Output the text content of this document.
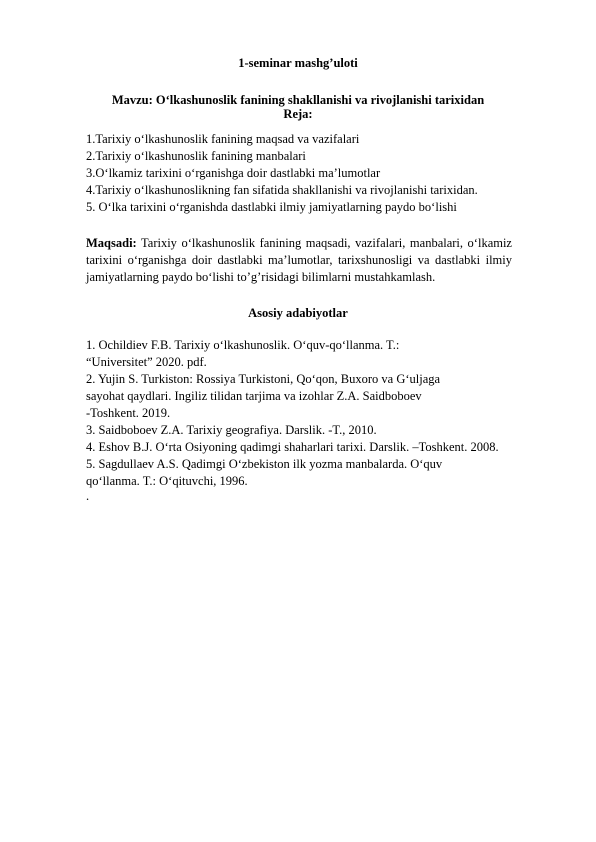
1-seminar mashg’uloti
Mavzu: O‘lkashunoslik fanining shakllanishi va rivojlanishi tarixidan
Reja:
1.Tarixiy o‘lkashunoslik fanining maqsad va vazifalari
2.Tarixiy o‘lkashunoslik fanining manbalari
3.O‘lkamiz tarixini o‘rganishga doir dastlabki ma’lumotlar
4.Tarixiy o‘lkashunoslikning fan sifatida shakllanishi va rivojlanishi tarixidan.
5. O‘lka tarixini o‘rganishda dastlabki ilmiy jamiyatlarning paydo bo‘lishi
Maqsadi: Tarixiy o‘lkashunoslik fanining maqsadi, vazifalari, manbalari, o‘lkamiz tarixini o‘rganishga doir dastlabki ma’lumotlar, tarixshunosligi va dastlabki ilmiy jamiyatlarning paydo bo‘lishi to’g’risidagi bilimlarni mustahkamlash.
Asosiy adabiyotlar
1. Ochildiev F.B. Tarixiy o‘lkashunoslik. O‘quv-qo‘llanma. T.:
“Universitet” 2020. pdf.
2. Yujin S. Turkiston: Rossiya Turkistoni, Qo‘qon, Buxoro va G‘uljaga
sayohat qaydlari. Ingiliz tilidan tarjima va izohlar Z.A. Saidboboev
-Toshkent. 2019.
3. Saidboboev Z.A. Tarixiy geografiya. Darslik. -T., 2010.
4. Eshov B.J. O‘rta Osiyoning qadimgi shaharlari tarixi. Darslik. –Toshkent. 2008.
5. Sagdullaev A.S. Qadimgi O‘zbekiston ilk yozma manbalarda. O‘quv
qo‘llanma. T.: O‘qituvchi, 1996.
.
